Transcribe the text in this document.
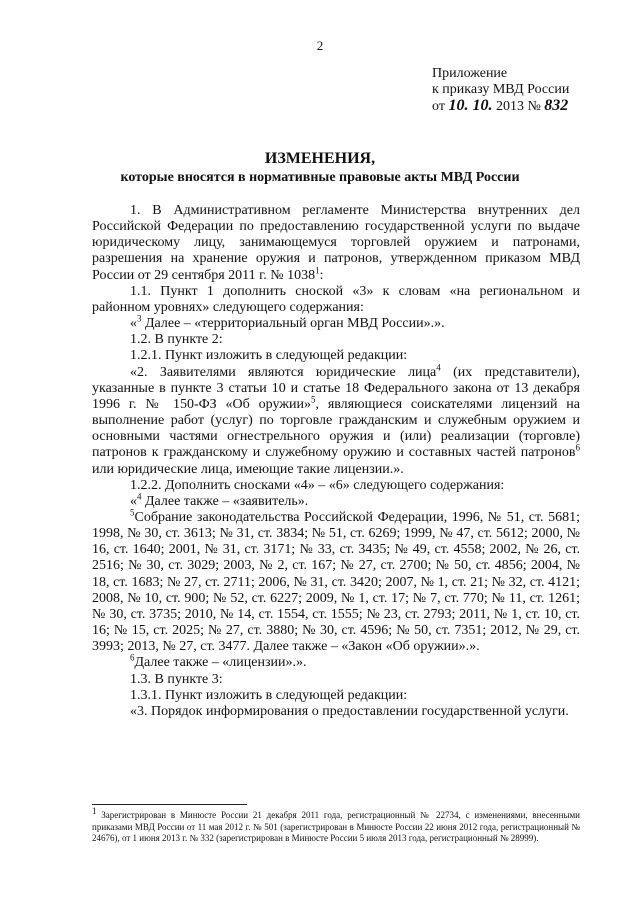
2
Приложение
к приказу МВД России
от 10. 10. 2013 № 832
ИЗМЕНЕНИЯ,
которые вносятся в нормативные правовые акты МВД России

1. В Административном регламенте Министерства внутренних дел Российской Федерации по предоставлению государственной услуги по выдаче юридическому лицу, занимающемуся торговлей оружием и патронами, разрешения на хранение оружия и патронов, утвержденном приказом МВД России от 29 сентября 2011 г. № 1038$^1$:

1.1. Пункт 1 дополнить сноской «3» к словам «на региональном и районном уровнях» следующего содержания:

«$^3$ Далее – «территориальный орган МВД России».».

1.2. В пункте 2:

1.2.1. Пункт изложить в следующей редакции:

«2. Заявителями являются юридические лица$^4$ (их представители), указанные в пункте 3 статьи 10 и статье 18 Федерального закона от 13 декабря 1996 г. № 150-ФЗ «Об оружии»$^5$, являющиеся соискателями лицензий на выполнение работ (услуг) по торговле гражданским и служебным оружием и основными частями огнестрельного оружия и (или) реализации (торговле) патронов к гражданскому и служебному оружию и составных частей патронов$^6$ или юридические лица, имеющие такие лицензии.».

1.2.2. Дополнить сносками «4» – «6» следующего содержания:

«$^4$ Далее также – «заявитель».

$^5$Собрание законодательства Российской Федерации, 1996, № 51, ст. 5681; 1998, № 30, ст. 3613; № 31, ст. 3834; № 51, ст. 6269; 1999, № 47, ст. 5612; 2000, № 16, ст. 1640; 2001, № 31, ст. 3171; № 33, ст. 3435; № 49, ст. 4558; 2002, № 26, ст. 2516; № 30, ст. 3029; 2003, № 2, ст. 167; № 27, ст. 2700; № 50, ст. 4856; 2004, № 18, ст. 1683; № 27, ст. 2711; 2006, № 31, ст. 3420; 2007, № 1, ст. 21; № 32, ст. 4121; 2008, № 10, ст. 900; № 52, ст. 6227; 2009, № 1, ст. 17; № 7, ст. 770; № 11, ст. 1261; № 30, ст. 3735; 2010, № 14, ст. 1554, ст. 1555; № 23, ст. 2793; 2011, № 1, ст. 10, ст. 16; № 15, ст. 2025; № 27, ст. 3880; № 30, ст. 4596; № 50, ст. 7351; 2012, № 29, ст. 3993; 2013, № 27, ст. 3477. Далее также – «Закон «Об оружии».».

$^6$Далее также – «лицензии».».

1.3. В пункте 3:

1.3.1. Пункт изложить в следующей редакции:

«3. Порядок информирования о предоставлении государственной услуги.

$^1$ Зарегистрирован в Минюсте России 21 декабря 2011 года, регистрационный № 22734, с изменениями, внесенными приказами МВД России от 11 мая 2012 г. № 501 (зарегистрирован в Минюсте России 22 июня 2012 года, регистрационный № 24676), от 1 июня 2013 г. № 332 (зарегистрирован в Минюсте России 5 июля 2013 года, регистрационный № 28999).
